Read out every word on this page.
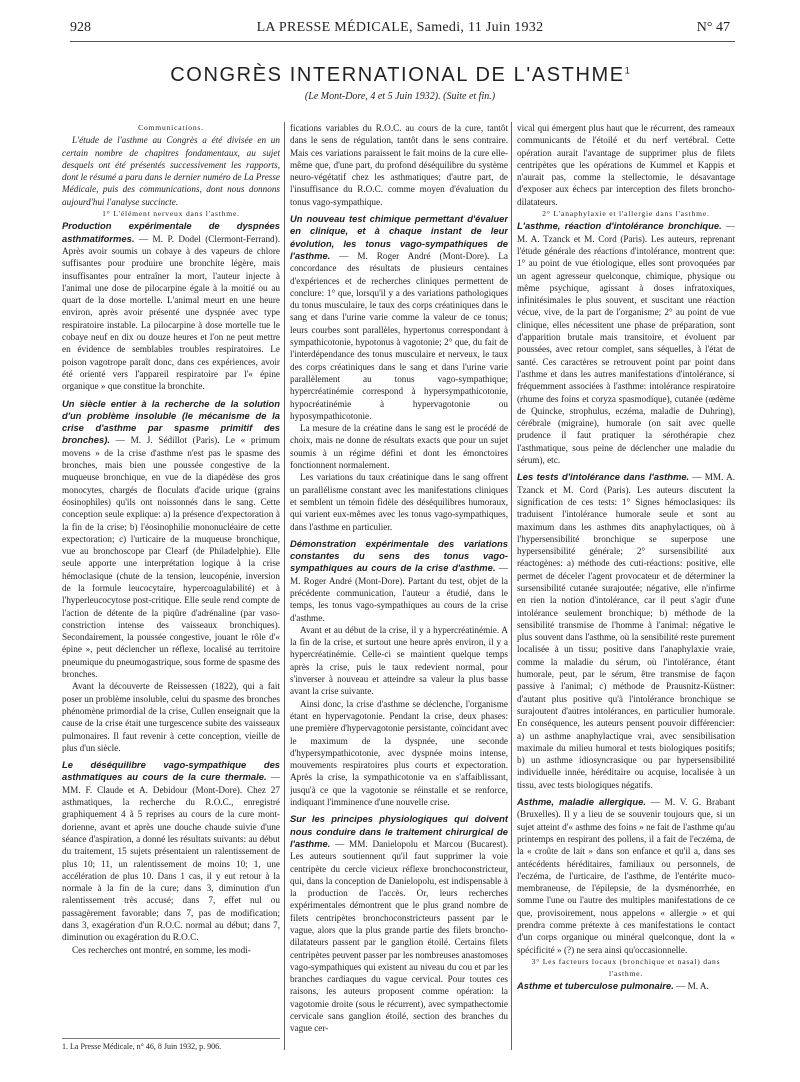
928	LA PRESSE MÉDICALE, Samedi, 11 Juin 1932	N° 47
CONGRÈS INTERNATIONAL DE L'ASTHME$^1$
(Le Mont-Dore, 4 et 5 Juin 1932). (Suite et fin.)

Communications.

L'étude de l'asthme au Congrès a été divisée en un certain nombre de chapitres fondamentaux, au sujet desquels ont été présentés successivement les rapports, dont le résumé a paru dans le dernier numéro de La Presse Médicale, puis des communications, dont nous donnons aujourd'hui l'analyse succincte.

1° L'élément nerveux dans l'asthme.

Production expérimentale de dyspnées asthmatiformes. — M. P. Dodel (Clermont-Ferrand). Après avoir soumis un cobaye à des vapeurs de chlore suffisantes pour produire une bronchite légère, mais insuffisantes pour entraîner la mort, l'auteur injecte à l'animal une dose de pilocarpine égale à la moitié ou au quart de la dose mortelle. L'animal meurt en une heure environ, après avoir présenté une dyspnée avec type respiratoire instable. La pilocarpine à dose mortelle tue le cobaye neuf en dix ou douze heures et l'on ne peut mettre en évidence de semblables troubles respiratoires. Le poison vagotrope paraît donc, dans ces expériences, avoir été orienté vers l'appareil respiratoire par l'« épine organique » que constitue la bronchite.

Un siècle entier à la recherche de la solution d'un problème insoluble (le mécanisme de la crise d'asthme par spasme primitif des bronches). — M. J. Sédillot (Paris). Le « primum movens » de la crise d'asthme n'est pas le spasme des bronches, mais bien une poussée congestive de la muqueuse bronchique, en vue de la diapédèse des gros monocytes, chargés de floculats d'acide urique (grains éosinophiles) qu'ils ont noissonnés dans le sang. Cette conception seule explique: a) la présence d'expectoration à la fin de la crise; b) l'éosinophilie mononucléaire de cette expectoration; c) l'urticaire de la muqueuse bronchique, vue au bronchoscope par Clearf (de Philadelphie). Elle seule apporte une interprétation logique à la crise hémoclasique (chute de la tension, leucopénie, inversion de la formule leucocytaire, hypercoagulabilité) et à l'hyperleucocytose post-critique. Elle seule rend compte de l'action de détente de la piqûre d'adrénaline (par vaso-constriction intense des vaisseaux bronchiques). Secondairement, la poussée congestive, jouant le rôle d'« épine », peut déclencher un réflexe, localisé au territoire pneumique du pneumogastrique, sous forme de spasme des bronches.

Avant la découverte de Reissessen (1822), qui a fait poser un problème insoluble, celui du spasme des bronches phénomène primordial de la crise, Cullen enseignait que la cause de la crise était une turgescence subite des vaisseaux pulmonaires. Il faut revenir à cette conception, vieille de plus d'un siècle.

Le déséquilibre vago-sympathique des asthmatiques au cours de la cure thermale. — MM. F. Claude et A. Debidour (Mont-Dore). Chez 27 asthmatiques, la recherche du R.O.C., enregistré graphiquement 4 à 5 reprises au cours de la cure mont-dorienne, avant et après une douche chaude suivie d'une séance d'aspiration, a donné les résultats suivants: au début du traitement, 15 sujets présentaient un ralentissement de plus 10; 11, un ralentissement de moins 10; 1, une accélération de plus 10. Dans 1 cas, il y eut retour à la normale à la fin de la cure; dans 3, diminution d'un ralentissement très accusé; dans 7, effet nul ou passagèrement favorable; dans 7, pas de modification; dans 3, exagération d'un R.O.C. normal au début; dans 7, diminution ou exagération du R.O.C.

Ces recherches ont montré, en somme, les modi-

1. La Presse Médicale, n° 46, 8 Juin 1932, p. 906.

fications variables du R.O.C. au cours de la cure, tantôt dans le sens de régulation, tantôt dans le sens contraire. Mais ces variations paraissent le fait moins de la cure elle-même que, d'une part, du profond déséquilibre du système neuro-végétatif chez les asthmatiques; d'autre part, de l'insuffisance du R.O.C. comme moyen d'évaluation du tonus vago-sympathique.

Un nouveau test chimique permettant d'évaluer en clinique, et à chaque instant de leur évolution, les tonus vago-sympathiques de l'asthme. — M. Roger André (Mont-Dore). La concordance des résultats de plusieurs centaines d'expériences et de recherches cliniques permettent de conclure: 1° que, lorsqu'il y a des variations pathologiques du tonus musculaire, le taux des corps créatiniques dans le sang et dans l'urine varie comme la valeur de ce tonus; leurs courbes sont parallèles, hypertonus correspondant à sympathicotonie, hypotonus à vagotonie; 2° que, du fait de l'interdépendance des tonus musculaire et nerveux, le taux des corps créatiniques dans le sang et dans l'urine varie parallèlement au tonus vago-sympathique; hypercréatinémie correspond à hypersympathicotonie, hypocréatinémie à hypervagotonie ou hyposympathicotonie.

La mesure de la créatine dans le sang est le procédé de choix, mais ne donne de résultats exacts que pour un sujet soumis à un régime défini et dont les émonctoires fonctionnent normalement.

Les variations du taux créatinique dans le sang offrent un parallélisme constant avec les manifestations cliniques et semblent un témoin fidèle des déséquilibres humoraux, qui varient eux-mêmes avec les tonus vago-sympathiques, dans l'asthme en particulier.

Démonstration expérimentale des variations constantes du sens des tonus vago-sympathiques au cours de la crise d'asthme. — M. Roger André (Mont-Dore). Partant du test, objet de la précédente communication, l'auteur a étudié, dans le temps, les tonus vago-sympathiques au cours de la crise d'asthme.

Avant et au début de la crise, il y a hypercréatinémie. A la fin de la crise, et surtout une heure après environ, il y a hypercréatinémie. Celle-ci se maintient quelque temps après la crise, puis le taux redevient normal, pour s'inverser à nouveau et atteindre sa valeur la plus basse avant la crise suivante.

Ainsi donc, la crise d'asthme se déclenche, l'organisme étant en hypervagotonie. Pendant la crise, deux phases: une première d'hypervagotonie persistante, coïncidant avec le maximum de la dyspnée, une seconde d'hypersympathicotonie, avec dyspnée moins intense, mouvements respiratoires plus courts et expectoration. Après la crise, la sympathicotonie va en s'affaiblissant, jusqu'à ce que la vagotonie se réinstalle et se renforce, indiquant l'imminence d'une nouvelle crise.

Sur les principes physiologiques qui doivent nous conduire dans le traitement chirurgical de l'asthme. — MM. Danielopolu et Marcou (Bucarest). Les auteurs soutiennent qu'il faut supprimer la voie centripète du cercle vicieux réflexe bronchoconstricteur, qui, dans la conception de Danielopolu, est indispensable à la production de l'accès. Or, leurs recherches expérimentales démontrent que le plus grand nombre de filets centripètes bronchoconstricteurs passent par le vague, alors que la plus grande partie des filets broncho-dilatateurs passent par le ganglion étoilé. Certains filets centripètes peuvent passer par les nombreuses anastomoses vago-sympathiques qui existent au niveau du cou et par les branches cardiaques du vague cervical. Pour toutes ces raisons, les auteurs proposent comme opération: la vagotomie droite (sous le récurrent), avec sympathectomie cervicale sans ganglion étoilé, section des branches du vague cer-

vical qui émergent plus haut que le récurrent, des rameaux communicants de l'étoilé et du nerf vertébral. Cette opération aurait l'avantage de supprimer plus de filets centripètes que les opérations de Kummel et Kappis et n'aurait pas, comme la stellectomie, le désavantage d'exposer aux échecs par interception des filets broncho-dilatateurs.

2° L'anaphylaxie et l'allergie dans l'asthme.

L'asthme, réaction d'intolérance bronchique. — M. A. Tzanck et M. Cord (Paris). Les auteurs, reprenant l'étude générale des réactions d'intolérance, montrent que: 1° au point de vue étiologique, elles sont provoquées par un agent agresseur quelconque, chimique, physique ou même psychique, agissant à doses infratoxiques, infinitésimales le plus souvent, et suscitant une réaction vécue, vive, de la part de l'organisme; 2° au point de vue clinique, elles nécessitent une phase de préparation, sont d'apparition brutale mais transitoire, et évoluent par poussées, avec retour complet, sans séquelles, à l'état de santé. Ces caractères se retrouvent point par point dans l'asthme et dans les autres manifestations d'intolérance, si fréquemment associées à l'asthme: intolérance respiratoire (rhume des foins et coryza spasmodique), cutanée (œdème de Quincke, strophulus, eczéma, maladie de Duhring), cérébrale (migraine), humorale (on sait avec quelle prudence il faut pratiquer la sérothérapie chez l'asthmatique, sous peine de déclencher une maladie du sérum), etc.

Les tests d'intolérance dans l'asthme. — MM. A. Tzanck et M. Cord (Paris). Les auteurs discutent la signification de ces tests: 1° Signes hémoclasiques: ils traduisent l'intolérance humorale seule et sont au maximum dans les asthmes dits anaphylactiques, où à l'hypersensibilité bronchique se superpose une hypersensibilité générale; 2° sursensibilité aux réactogènes: a) méthode des cuti-réactions: positive, elle permet de déceler l'agent provocateur et de déterminer la sursensibilité cutanée surajoutée; négative, elle n'infirme en rien la notion d'intolérance, car il peut s'agir d'une intolérance seulement bronchique; b) méthode de la sensibilité transmise de l'homme à l'animal: négative le plus souvent dans l'asthme, où la sensibilité reste purement localisée à un tissu; positive dans l'anaphylaxie vraie, comme la maladie du sérum, où l'intolérance, étant humorale, peut, par le sérum, être transmise de façon passive à l'animal; c) méthode de Prausnitz-Küstner: d'autant plus positive qu'à l'intolérance bronchique se surajoutent d'autres intolérances, en particulier humorale. En conséquence, les auteurs pensent pouvoir différencier: a) un asthme anaphylactique vrai, avec sensibilisation maximale du milieu humoral et tests biologiques positifs; b) un asthme idiosyncrasique ou par hypersensibilité individuelle innée, héréditaire ou acquise, localisée à un tissu, avec tests biologiques négatifs.

Asthme, maladie allergique. — M. V. G. Brabant (Bruxelles). Il y a lieu de se souvenir toujours que, si un sujet atteint d'« asthme des foins » ne fait de l'asthme qu'au printemps en respirant des pollens, il a fait de l'eczéma, de la « croûte de lait » dans son enfance et qu'il a, dans ses antécédents héréditaires, familiaux ou personnels, de l'eczéma, de l'urticaire, de l'asthme, de l'entérite muco-membraneuse, de l'épilepsie, de la dysménorrhée, en somme l'une ou l'autre des multiples manifestations de ce que, provisoirement, nous appelons « allergie » et qui prendra comme prétexte à ces manifestations le contact d'un corps organique ou minéral quelconque, dont la « spécificité » (?) ne sera ainsi qu'occasionnelle.

3° Les facteurs locaux (bronchique et nasal) dans l'asthme.

Asthme et tuberculose pulmonaire. — M. A.
